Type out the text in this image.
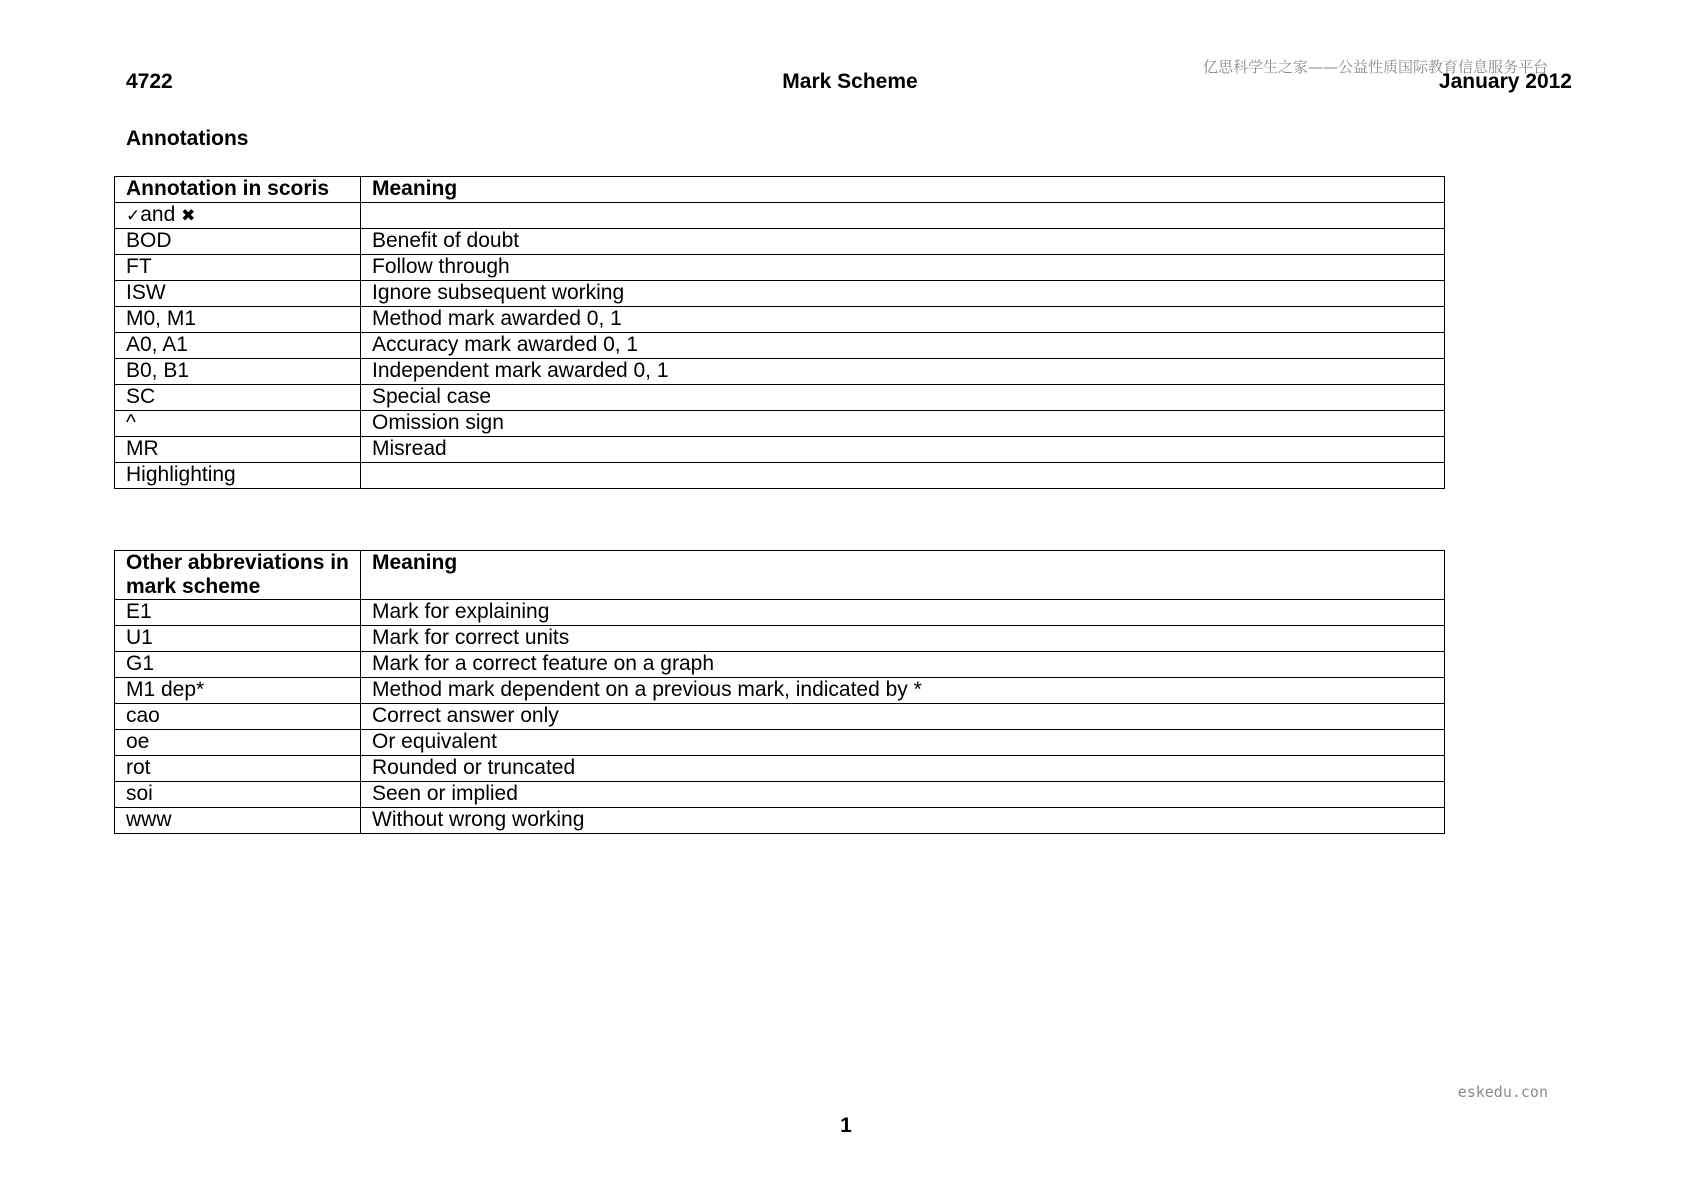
4722	Mark Scheme
亿思科学生之家——公益性质国际教育信息服务平台
January 2012
Annotations
Annotation in scoris	Meaning
✓and ✖	
BOD	Benefit of doubt
FT	Follow through
ISW	Ignore subsequent working
M0, M1	Method mark awarded 0, 1
A0, A1	Accuracy mark awarded 0, 1
B0, B1	Independent mark awarded 0, 1
SC	Special case
^	Omission sign
MR	Misread
Highlighting	
Other abbreviations in mark scheme	Meaning
E1	Mark for explaining
U1	Mark for correct units
G1	Mark for a correct feature on a graph
M1 dep*	Method mark dependent on a previous mark, indicated by *
cao	Correct answer only
oe	Or equivalent
rot	Rounded or truncated
soi	Seen or implied
www	Without wrong working
eskedu.con
1
